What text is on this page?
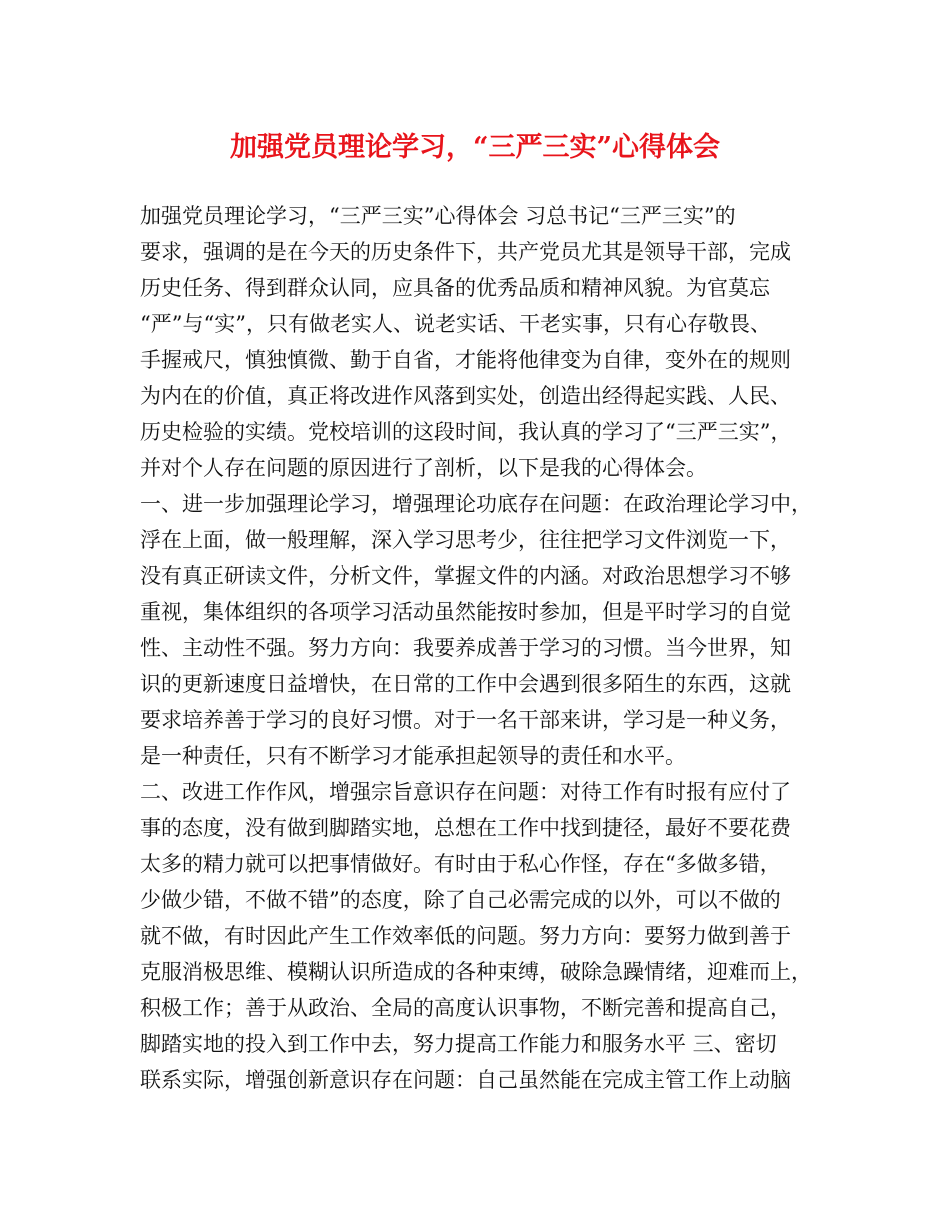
加强党员理论学习，“三严三实”心得体会
加强党员理论学习，“三严三实”心得体会 习总书记“三严三实”的
要求，强调的是在今天的历史条件下，共产党员尤其是领导干部，完成
历史任务、得到群众认同，应具备的优秀品质和精神风貌。为官莫忘
“严”与“实”，只有做老实人、说老实话、干老实事，只有心存敬畏、
手握戒尺，慎独慎微、勤于自省，才能将他律变为自律，变外在的规则
为内在的价值，真正将改进作风落到实处，创造出经得起实践、人民、
历史检验的实绩。党校培训的这段时间，我认真的学习了“三严三实”，
并对个人存在问题的原因进行了剖析，以下是我的心得体会。
一、进一步加强理论学习，增强理论功底存在问题：在政治理论学习中，
浮在上面，做一般理解，深入学习思考少，往往把学习文件浏览一下，
没有真正研读文件，分析文件，掌握文件的内涵。对政治思想学习不够
重视，集体组织的各项学习活动虽然能按时参加，但是平时学习的自觉
性、主动性不强。努力方向：我要养成善于学习的习惯。当今世界，知
识的更新速度日益增快，在日常的工作中会遇到很多陌生的东西，这就
要求培养善于学习的良好习惯。对于一名干部来讲，学习是一种义务，
是一种责任，只有不断学习才能承担起领导的责任和水平。
二、改进工作作风，增强宗旨意识存在问题：对待工作有时报有应付了
事的态度，没有做到脚踏实地，总想在工作中找到捷径，最好不要花费
太多的精力就可以把事情做好。有时由于私心作怪，存在“多做多错，
少做少错，不做不错”的态度，除了自己必需完成的以外，可以不做的
就不做，有时因此产生工作效率低的问题。努力方向：要努力做到善于
克服消极思维、模糊认识所造成的各种束缚，破除急躁情绪，迎难而上，
积极工作；善于从政治、全局的高度认识事物，不断完善和提高自己，
脚踏实地的投入到工作中去，努力提高工作能力和服务水平 三、密切
联系实际，增强创新意识存在问题：自己虽然能在完成主管工作上动脑
